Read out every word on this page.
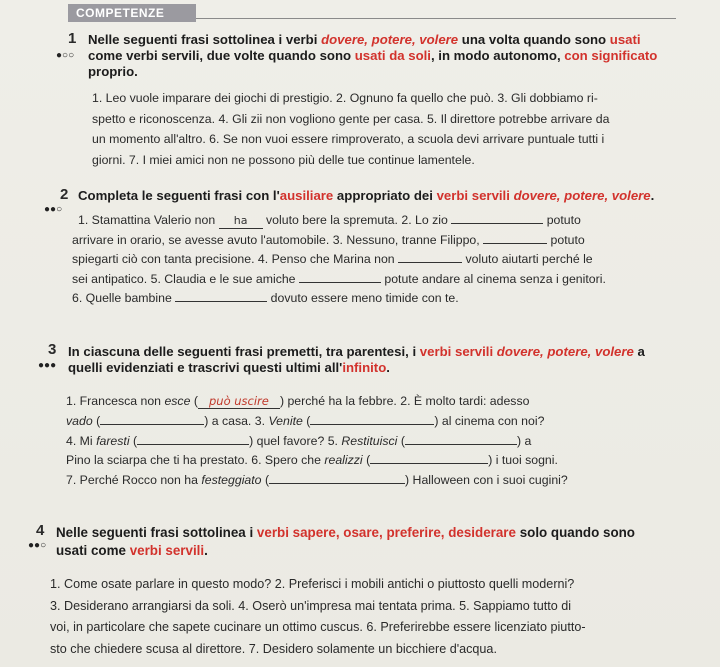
COMPETENZE
1
●○○
Nelle seguenti frasi sottolinea i verbi dovere, potere, volere una volta quando sono usati
come verbi servili, due volte quando sono usati da soli, in modo autonomo, con significato
proprio.
1. Leo vuole imparare dei giochi di prestigio. 2. Ognuno fa quello che può. 3. Gli dobbiamo ri-
spetto e riconoscenza. 4. Gli zii non vogliono gente per casa. 5. Il direttore potrebbe arrivare da
un momento all'altro. 6. Se non vuoi essere rimproverato, a scuola devi arrivare puntuale tutti i
giorni. 7. I miei amici non ne possono più delle tue continue lamentele.
2
●●○
Completa le seguenti frasi con l'ausiliare appropriato dei verbi servili dovere, potere, volere.
1. Stamattina Valerio non ha voluto bere la spremuta. 2. Lo zio	potuto
arrivare in orario, se avesse avuto l'automobile. 3. Nessuno, tranne Filippo,	potuto
spiegarti ciò con tanta precisione. 4. Penso che Marina non	voluto aiutarti perché le
sei antipatico. 5. Claudia e le sue amiche	potute andare al cinema senza i genitori.
6. Quelle bambine	dovuto essere meno timide con te.
3
●●●
In ciascuna delle seguenti frasi premetti, tra parentesi, i verbi servili dovere, potere, volere a
quelli evidenziati e trascrivi questi ultimi all'infinito.
1. Francesca non esce ( può uscire ) perché ha la febbre. 2. È molto tardi: adesso
vado (	) a casa. 3. Venite (	) al cinema con noi?
4. Mi faresti (	) quel favore? 5. Restituisci (	) a
Pino la sciarpa che ti ha prestato. 6. Spero che realizzi (	) i tuoi sogni.
7. Perché Rocco non ha festeggiato (	) Halloween con i suoi cugini?
4
●●○
Nelle seguenti frasi sottolinea i verbi sapere, osare, preferire, desiderare solo quando sono
usati come verbi servili.
1. Come osate parlare in questo modo? 2. Preferisci i mobili antichi o piuttosto quelli moderni?
3. Desiderano arrangiarsi da soli. 4. Oserò un'impresa mai tentata prima. 5. Sappiamo tutto di
voi, in particolare che sapete cucinare un ottimo cuscus. 6. Preferirebbe essere licenziato piutto-
sto che chiedere scusa al direttore. 7. Desidero solamente un bicchiere d'acqua.
